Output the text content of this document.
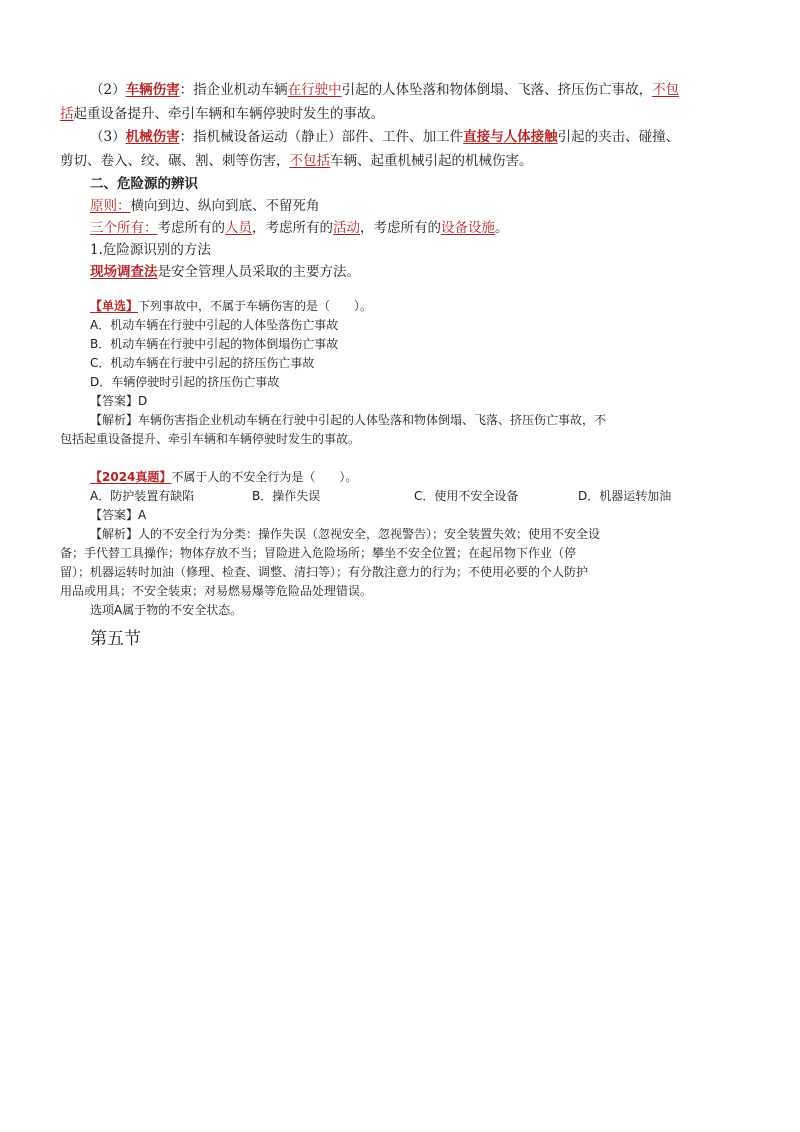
（2）车辆伤害：指企业机动车辆在行驶中引起的人体坠落和物体倒塌、飞落、挤压伤亡事故，不包
括起重设备提升、牵引车辆和车辆停驶时发生的事故。
（3）机械伤害：指机械设备运动（静止）部件、工件、加工件直接与人体接触引起的夹击、碰撞、
剪切、卷入、绞、碾、割、刺等伤害，不包括车辆、起重机械引起的机械伤害。
二、危险源的辨识
原则：横向到边、纵向到底、不留死角
三个所有：考虑所有的人员，考虑所有的活动，考虑所有的设备设施。
1.危险源识别的方法
现场调查法是安全管理人员采取的主要方法。
【单选】下列事故中，不属于车辆伤害的是（　　）。
A．机动车辆在行驶中引起的人体坠落伤亡事故
B．机动车辆在行驶中引起的物体倒塌伤亡事故
C．机动车辆在行驶中引起的挤压伤亡事故
D．车辆停驶时引起的挤压伤亡事故
【答案】D
【解析】车辆伤害指企业机动车辆在行驶中引起的人体坠落和物体倒塌、飞落、挤压伤亡事故，不
包括起重设备提升、牵引车辆和车辆停驶时发生的事故。
【2024真题】不属于人的不安全行为是（　　）。
A．防护装置有缺陷	B．操作失误	C．使用不安全设备	D．机器运转加油
【答案】A
【解析】人的不安全行为分类：操作失误（忽视安全，忽视警告）；安全装置失效；使用不安全设
备；手代替工具操作；物体存放不当；冒险进入危险场所；攀坐不安全位置；在起吊物下作业（停
留）；机器运转时加油（修理、检查、调整、清扫等）；有分散注意力的行为；不使用必要的个人防护
用品或用具；不安全装束；对易燃易爆等危险品处理错误。
选项A属于物的不安全状态。
第五节
